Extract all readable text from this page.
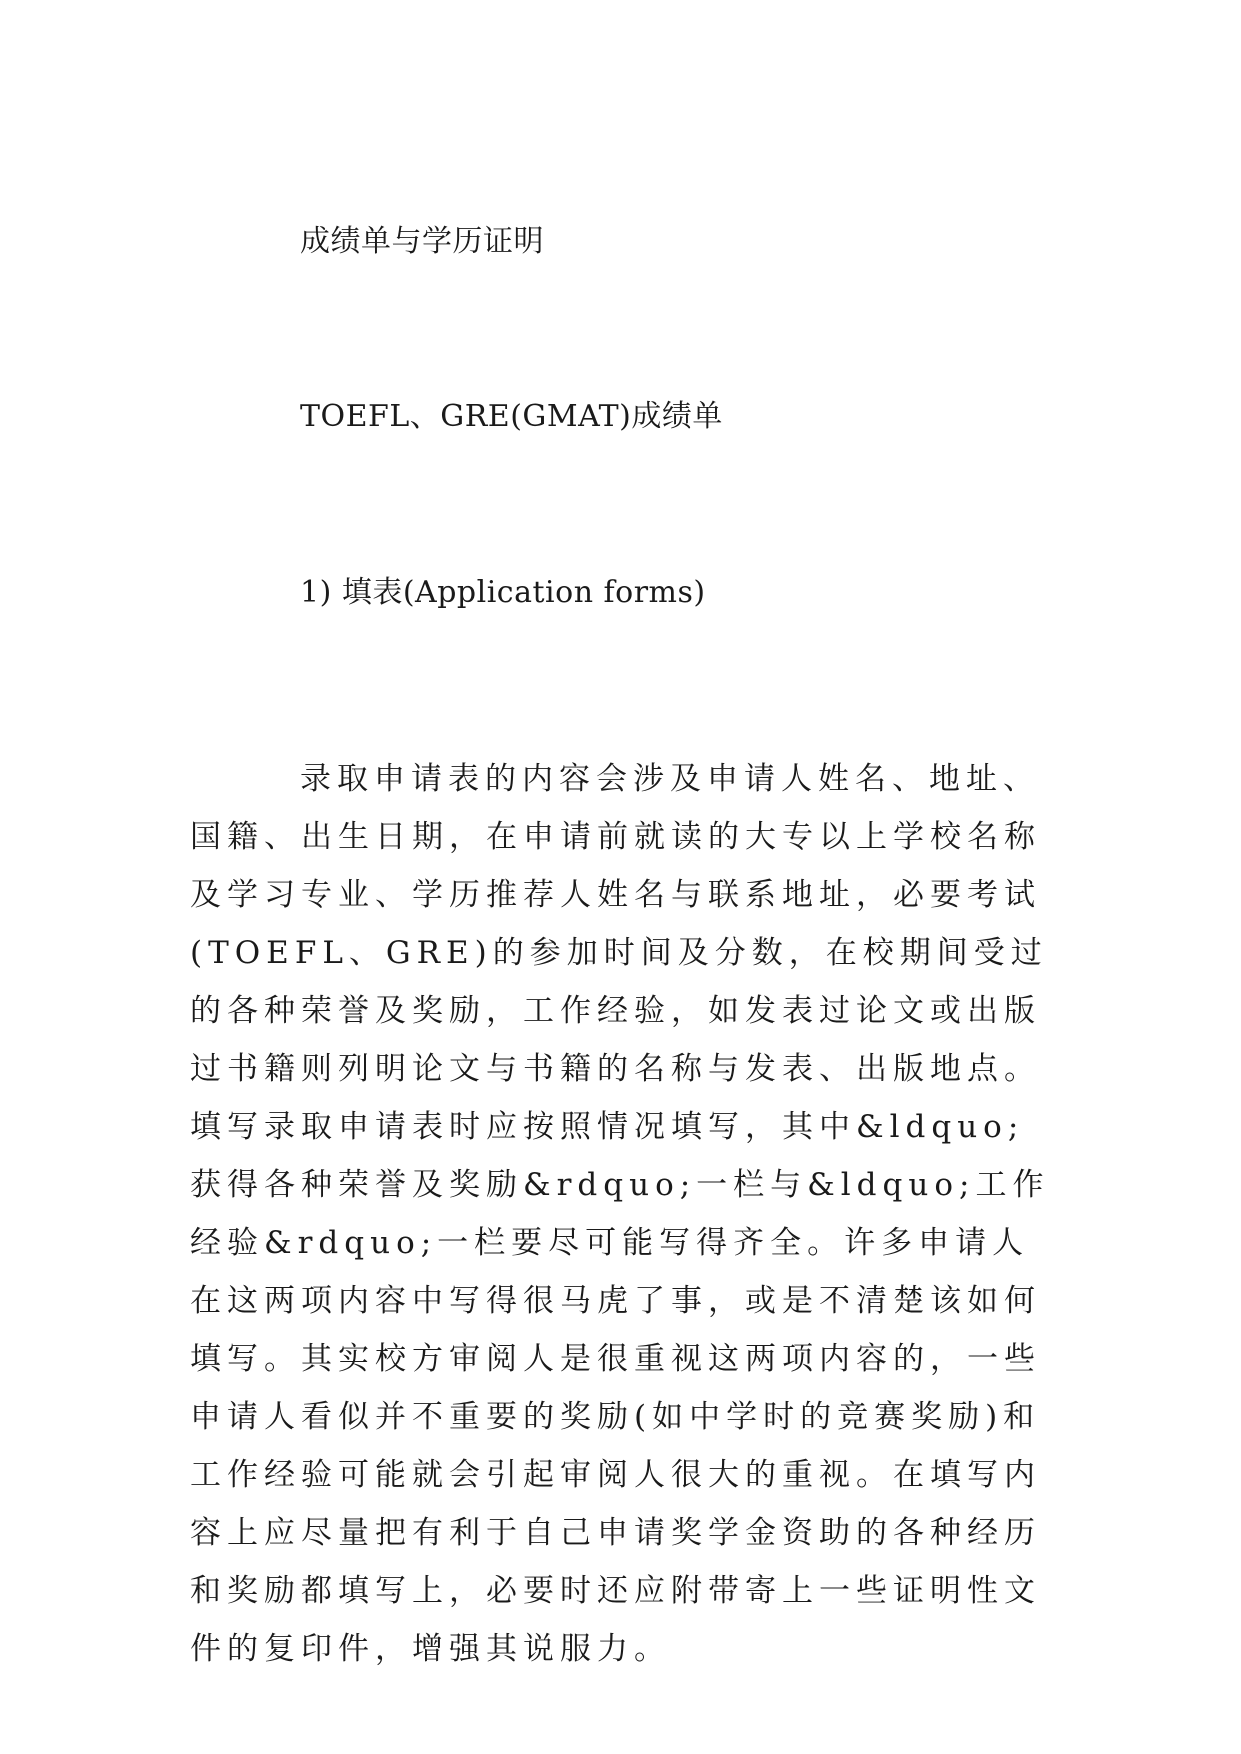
成绩单与学历证明
TOEFL、GRE(GMAT)成绩单
1) 填表(Application forms)
录取申请表的内容会涉及申请人姓名、地址、国籍、出生日期，在申请前就读的大专以上学校名称及学习专业、学历推荐人姓名与联系地址，必要考试(TOEFL、GRE)的参加时间及分数，在校期间受过的各种荣誉及奖励，工作经验，如发表过论文或出版过书籍则列明论文与书籍的名称与发表、出版地点。填写录取申请表时应按照情况填写，其中&ldquo;获得各种荣誉及奖励&rdquo;一栏与&ldquo;工作经验&rdquo;一栏要尽可能写得齐全。许多申请人在这两项内容中写得很马虎了事，或是不清楚该如何填写。其实校方审阅人是很重视这两项内容的，一些申请人看似并不重要的奖励(如中学时的竞赛奖励)和工作经验可能就会引起审阅人很大的重视。在填写内容上应尽量把有利于自己申请奖学金资助的各种经历和奖励都填写上，必要时还应附带寄上一些证明性文件的复印件，增强其说服力。
